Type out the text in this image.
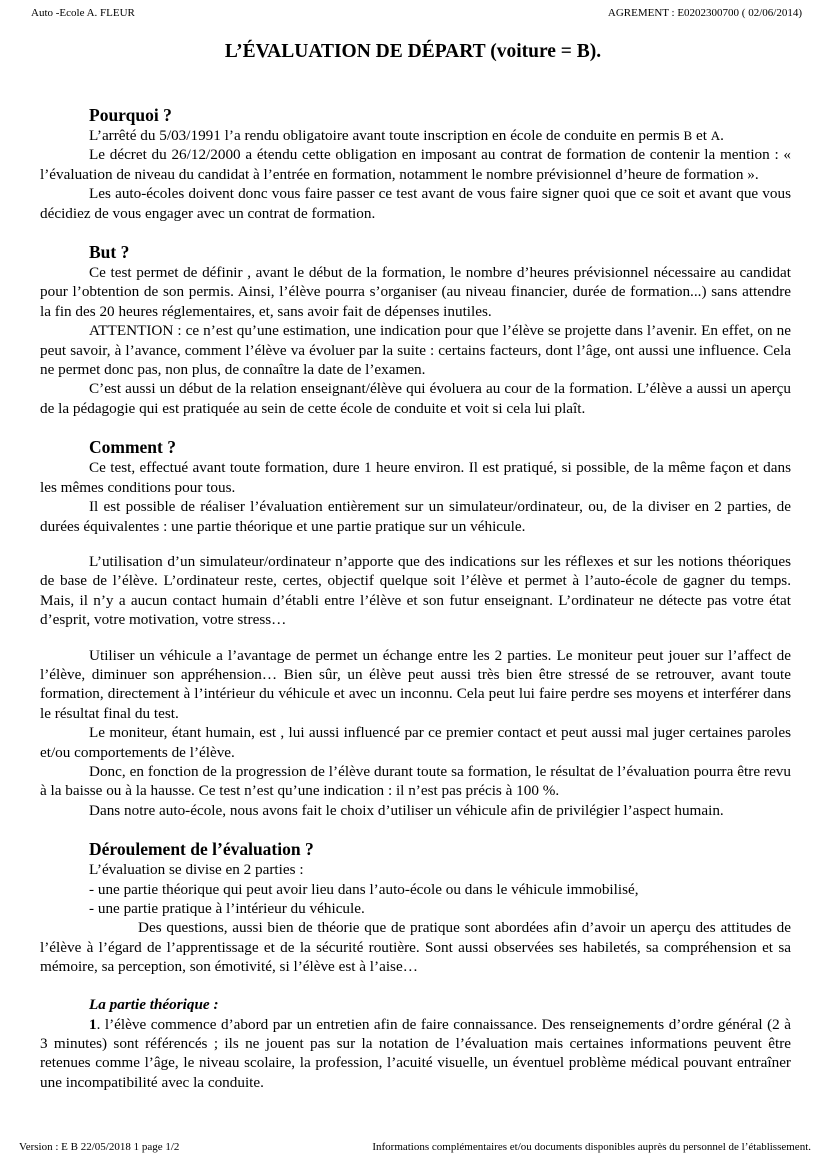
Auto -Ecole A. FLEUR	AGREMENT : E0202300700 ( 02/06/2014)
L’ÉVALUATION DE DÉPART (voiture = B).
Pourquoi ?

L’arrêté du 5/03/1991 l’a rendu obligatoire avant toute inscription en école de conduite en permis B et A.

Le décret du 26/12/2000 a étendu cette obligation en imposant au contrat de formation de contenir la mention : « l’évaluation de niveau du candidat à l’entrée en formation, notamment le nombre prévisionnel d’heure de formation ».

Les auto-écoles doivent donc vous faire passer ce test avant de vous faire signer quoi que ce soit et avant que vous décidiez de vous engager avec un contrat de formation.

But ?

Ce test permet de définir , avant le début de la formation, le nombre d’heures prévisionnel nécessaire au candidat pour l’obtention de son permis. Ainsi, l’élève pourra s’organiser (au niveau financier, durée de formation...) sans attendre la fin des 20 heures réglementaires, et, sans avoir fait de dépenses inutiles.

ATTENTION : ce n’est qu’une estimation, une indication pour que l’élève se projette dans l’avenir. En effet, on ne peut savoir, à l’avance, comment l’élève va évoluer par la suite : certains facteurs, dont l’âge, ont aussi une influence. Cela ne permet donc pas, non plus, de connaître la date de l’examen.

C’est aussi un début de la relation enseignant/élève qui évoluera au cour de la formation. L’élève a aussi un aperçu de la pédagogie qui est pratiquée au sein de cette école de conduite et voit si cela lui plaît.

Comment ?

Ce test, effectué avant toute formation, dure 1 heure environ. Il est pratiqué, si possible, de la même façon et dans les mêmes conditions pour tous.

Il est possible de réaliser l’évaluation entièrement sur un simulateur/ordinateur, ou, de la diviser en 2 parties, de durées équivalentes : une partie théorique et une partie pratique sur un véhicule.

L’utilisation d’un simulateur/ordinateur n’apporte que des indications sur les réflexes et sur les notions théoriques de base de l’élève. L’ordinateur reste, certes, objectif quelque soit l’élève et permet à l’auto-école de gagner du temps. Mais, il n’y a aucun contact humain d’établi entre l’élève et son futur enseignant. L’ordinateur ne détecte pas votre état d’esprit, votre motivation, votre stress…

Utiliser un véhicule a l’avantage de permet un échange entre les 2 parties. Le moniteur peut jouer sur l’affect de l’élève, diminuer son appréhension… Bien sûr, un élève peut aussi très bien être stressé de se retrouver, avant toute formation, directement à l’intérieur du véhicule et avec un inconnu. Cela peut lui faire perdre ses moyens et interférer dans le résultat final du test.

Le moniteur, étant humain, est , lui aussi influencé par ce premier contact et peut aussi mal juger certaines paroles et/ou comportements de l’élève.

Donc, en fonction de la progression de l’élève durant toute sa formation, le résultat de l’évaluation pourra être revu à la baisse ou à la hausse. Ce test n’est qu’une indication : il n’est pas précis à 100 %.

Dans notre auto-école, nous avons fait le choix d’utiliser un véhicule afin de privilégier l’aspect humain.

Déroulement de l’évaluation ?

L’évaluation se divise en 2 parties :

- une partie théorique qui peut avoir lieu dans l’auto-école ou dans le véhicule immobilisé,

- une partie pratique à l’intérieur du véhicule.

Des questions, aussi bien de théorie que de pratique sont abordées afin d’avoir un aperçu des attitudes de l’élève à l’égard de l’apprentissage et de la sécurité routière. Sont aussi observées ses habiletés, sa compréhension et sa mémoire, sa perception, son émotivité, si l’élève est à l’aise…

La partie théorique :

1. l’élève commence d’abord par un entretien afin de faire connaissance. Des renseignements d’ordre général (2 à 3 minutes) sont référencés ; ils ne jouent pas sur la notation de l’évaluation mais certaines informations peuvent être retenues comme l’âge, le niveau scolaire, la profession, l’acuité visuelle, un éventuel problème médical pouvant entraîner une incompatibilité avec la conduite.

Version : E B 22/05/2018 1 page 1/2	Informations complémentaires et/ou documents disponibles auprès du personnel de l’établissement.
